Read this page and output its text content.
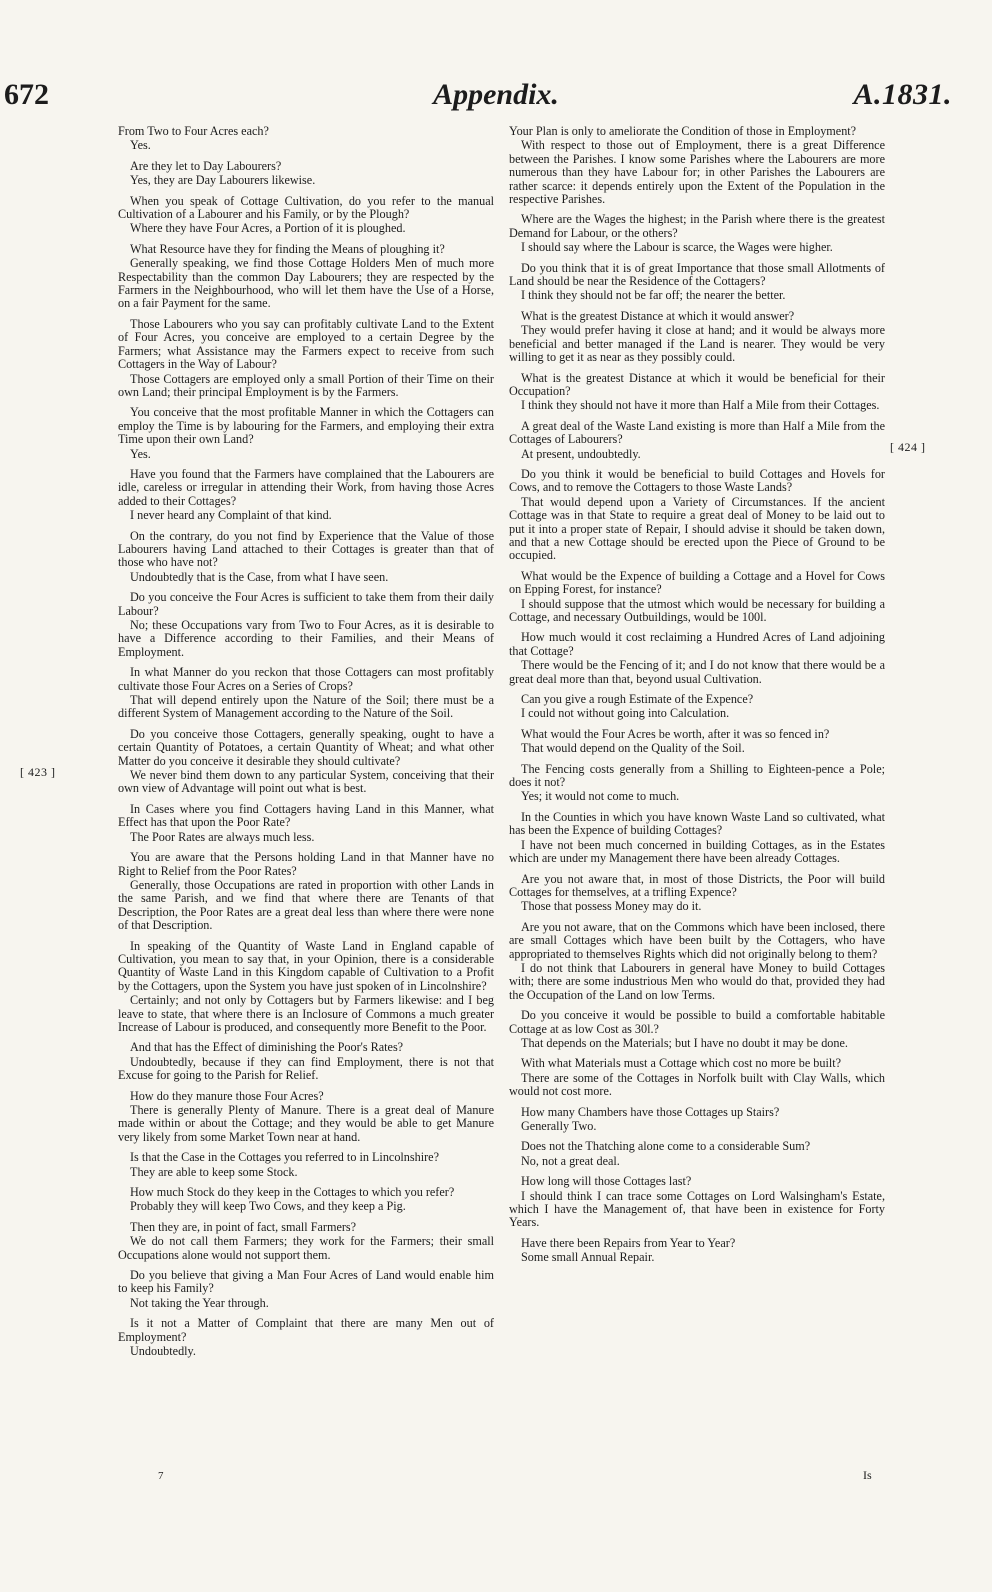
672	Appendix.	A.1831.
[ 423 ]
[ 424 ]

From Two to Four Acres each?

Yes.

Are they let to Day Labourers?

Yes, they are Day Labourers likewise.

When you speak of Cottage Cultivation, do you refer to the manual Cultivation of a Labourer and his Family, or by the Plough?

Where they have Four Acres, a Portion of it is ploughed.

What Resource have they for finding the Means of ploughing it?

Generally speaking, we find those Cottage Holders Men of much more Respectability than the common Day Labourers; they are respected by the Farmers in the Neighbourhood, who will let them have the Use of a Horse, on a fair Payment for the same.

Those Labourers who you say can profitably cultivate Land to the Extent of Four Acres, you conceive are employed to a certain Degree by the Farmers; what Assistance may the Farmers expect to receive from such Cottagers in the Way of Labour?

Those Cottagers are employed only a small Portion of their Time on their own Land; their principal Employment is by the Farmers.

You conceive that the most profitable Manner in which the Cottagers can employ the Time is by labouring for the Farmers, and employing their extra Time upon their own Land?

Yes.

Have you found that the Farmers have complained that the Labourers are idle, careless or irregular in attending their Work, from having those Acres added to their Cottages?

I never heard any Complaint of that kind.

On the contrary, do you not find by Experience that the Value of those Labourers having Land attached to their Cottages is greater than that of those who have not?

Undoubtedly that is the Case, from what I have seen.

Do you conceive the Four Acres is sufficient to take them from their daily Labour?

No; these Occupations vary from Two to Four Acres, as it is desirable to have a Difference according to their Families, and their Means of Employment.

In what Manner do you reckon that those Cottagers can most profitably cultivate those Four Acres on a Series of Crops?

That will depend entirely upon the Nature of the Soil; there must be a different System of Management according to the Nature of the Soil.

Do you conceive those Cottagers, generally speaking, ought to have a certain Quantity of Potatoes, a certain Quantity of Wheat; and what other Matter do you conceive it desirable they should cultivate?

We never bind them down to any particular System, conceiving that their own view of Advantage will point out what is best.

In Cases where you find Cottagers having Land in this Manner, what Effect has that upon the Poor Rate?

The Poor Rates are always much less.

You are aware that the Persons holding Land in that Manner have no Right to Relief from the Poor Rates?

Generally, those Occupations are rated in proportion with other Lands in the same Parish, and we find that where there are Tenants of that Description, the Poor Rates are a great deal less than where there were none of that Description.

In speaking of the Quantity of Waste Land in England capable of Cultivation, you mean to say that, in your Opinion, there is a considerable Quantity of Waste Land in this Kingdom capable of Cultivation to a Profit by the Cottagers, upon the System you have just spoken of in Lincolnshire?

Certainly; and not only by Cottagers but by Farmers likewise: and I beg leave to state, that where there is an Inclosure of Commons a much greater Increase of Labour is produced, and consequently more Benefit to the Poor.

And that has the Effect of diminishing the Poor's Rates?

Undoubtedly, because if they can find Employment, there is not that Excuse for going to the Parish for Relief.

How do they manure those Four Acres?

There is generally Plenty of Manure. There is a great deal of Manure made within or about the Cottage; and they would be able to get Manure very likely from some Market Town near at hand.

Is that the Case in the Cottages you referred to in Lincolnshire?

They are able to keep some Stock.

How much Stock do they keep in the Cottages to which you refer?

Probably they will keep Two Cows, and they keep a Pig.

Then they are, in point of fact, small Farmers?

We do not call them Farmers; they work for the Farmers; their small Occupations alone would not support them.

Do you believe that giving a Man Four Acres of Land would enable him to keep his Family?

Not taking the Year through.

Is it not a Matter of Complaint that there are many Men out of Employment?

Undoubtedly.

Your Plan is only to ameliorate the Condition of those in Employment?

With respect to those out of Employment, there is a great Difference between the Parishes. I know some Parishes where the Labourers are more numerous than they have Labour for; in other Parishes the Labourers are rather scarce: it depends entirely upon the Extent of the Population in the respective Parishes.

Where are the Wages the highest; in the Parish where there is the greatest Demand for Labour, or the others?

I should say where the Labour is scarce, the Wages were higher.

Do you think that it is of great Importance that those small Allotments of Land should be near the Residence of the Cottagers?

I think they should not be far off; the nearer the better.

What is the greatest Distance at which it would answer?

They would prefer having it close at hand; and it would be always more beneficial and better managed if the Land is nearer. They would be very willing to get it as near as they possibly could.

What is the greatest Distance at which it would be beneficial for their Occupation?

I think they should not have it more than Half a Mile from their Cottages.

A great deal of the Waste Land existing is more than Half a Mile from the Cottages of Labourers?

At present, undoubtedly.

Do you think it would be beneficial to build Cottages and Hovels for Cows, and to remove the Cottagers to those Waste Lands?

That would depend upon a Variety of Circumstances. If the ancient Cottage was in that State to require a great deal of Money to be laid out to put it into a proper state of Repair, I should advise it should be taken down, and that a new Cottage should be erected upon the Piece of Ground to be occupied.

What would be the Expence of building a Cottage and a Hovel for Cows on Epping Forest, for instance?

I should suppose that the utmost which would be necessary for building a Cottage, and necessary Outbuildings, would be 100l.

How much would it cost reclaiming a Hundred Acres of Land adjoining that Cottage?

There would be the Fencing of it; and I do not know that there would be a great deal more than that, beyond usual Cultivation.

Can you give a rough Estimate of the Expence?

I could not without going into Calculation.

What would the Four Acres be worth, after it was so fenced in?

That would depend on the Quality of the Soil.

The Fencing costs generally from a Shilling to Eighteen-pence a Pole; does it not?

Yes; it would not come to much.

In the Counties in which you have known Waste Land so cultivated, what has been the Expence of building Cottages?

I have not been much concerned in building Cottages, as in the Estates which are under my Management there have been already Cottages.

Are you not aware that, in most of those Districts, the Poor will build Cottages for themselves, at a trifling Expence?

Those that possess Money may do it.

Are you not aware, that on the Commons which have been inclosed, there are small Cottages which have been built by the Cottagers, who have appropriated to themselves Rights which did not originally belong to them?

I do not think that Labourers in general have Money to build Cottages with; there are some industrious Men who would do that, provided they had the Occupation of the Land on low Terms.

Do you conceive it would be possible to build a comfortable habitable Cottage at as low Cost as 30l.?

That depends on the Materials; but I have no doubt it may be done.

With what Materials must a Cottage which cost no more be built?

There are some of the Cottages in Norfolk built with Clay Walls, which would not cost more.

How many Chambers have those Cottages up Stairs?

Generally Two.

Does not the Thatching alone come to a considerable Sum?

No, not a great deal.

How long will those Cottages last?

I should think I can trace some Cottages on Lord Walsingham's Estate, which I have the Management of, that have been in existence for Forty Years.

Have there been Repairs from Year to Year?

Some small Annual Repair.

7	Is
